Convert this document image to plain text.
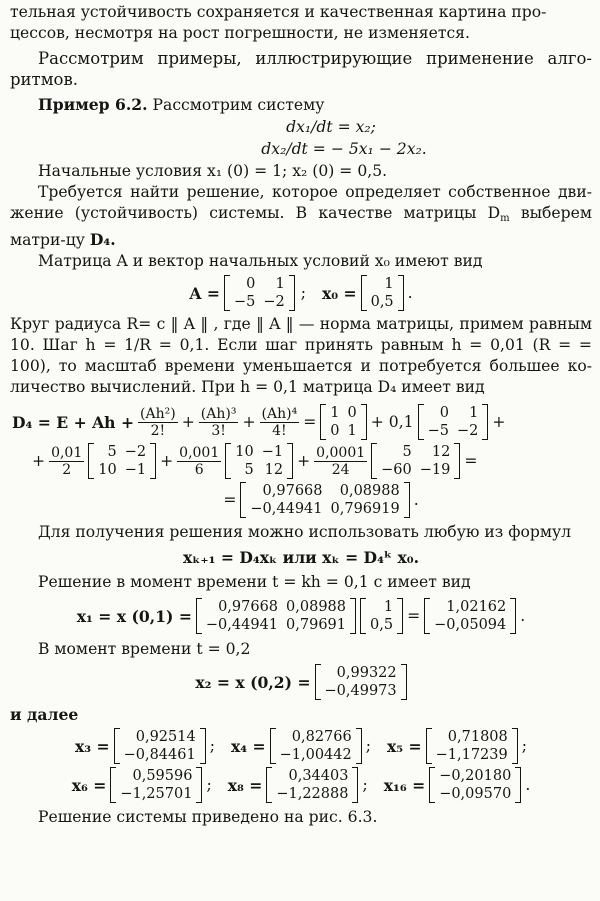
тельная устойчивость сохраняется и качественная картина про-

цессов, несмотря на рост погрешности, не изменяется.

Рассмотрим примеры, иллюстрирующие применение алго-ритмов.

Пример 6.2. Рассмотрим систему

dx₁/dt = x₂;

dx₂/dt = − 5x₁ − 2x₂.

Начальные условия x₁ (0) = 1; x₂ (0) = 0,5.

Требуется найти решение, которое определяет собственное дви-жение (устойчивость) системы. В качестве матрицы $D_m$ выберем матри-цу D₄.

Матрица A и вектор начальных условий x₀ имеют вид

A = 0	1
−5	−2
; x₀ = 1
0,5
.

Круг радиуса R= c ‖ A ‖ , где ‖ A ‖ — норма матрицы, примем равным 10. Шаг h = 1/R = 0,1. Если шаг принять равным h = 0,01 (R = = 100), то масштаб времени уменьшается и потребуется большее ко-личество вычислений. При h = 0,1 матрица D₄ имеет вид

$D_4 = E + Ah + \frac{\text{(Ah²)}}{2!} + \frac{\text{(Ah)³}}{3!} + \frac{\text{(Ah)⁴}}{4!} = 1$	0
0	1
+ 0,1 0	1
−5	−2
+
+ $\frac{0,01}{2} 5$	−2
10	−1
+ $\frac{0,001}{6} 10$	−1
5	12
+ $\frac{0,0001}{24} 5$	12
−60	−19
=
= 0,97668	0,08988
−0,44941	0,796919
.

Для получения решения можно использовать любую из формул

xₖ₊₁ = D₄xₖ или xₖ = D₄ᵏ x₀.

Решение в момент времени t = kh = 0,1 с имеет вид

x₁ = x (0,1) = 0,97668	0,08988
−0,44941	0,79691
1
0,5
= 1,02162
−0,05094
.

В момент времени t = 0,2

x₂ = x (0,2) = 0,99322
−0,49973

и далее

x₃ = 0,92514
−0,84461
; x₄ = 0,82766
−1,00442
; x₅ = 0,71808
−1,17239
;
x₆ = 0,59596
−1,25701
; x₈ = 0,34403
−1,22888
; x₁₆ = −0,20180
−0,09570
.

Решение системы приведено на рис. 6.3.
